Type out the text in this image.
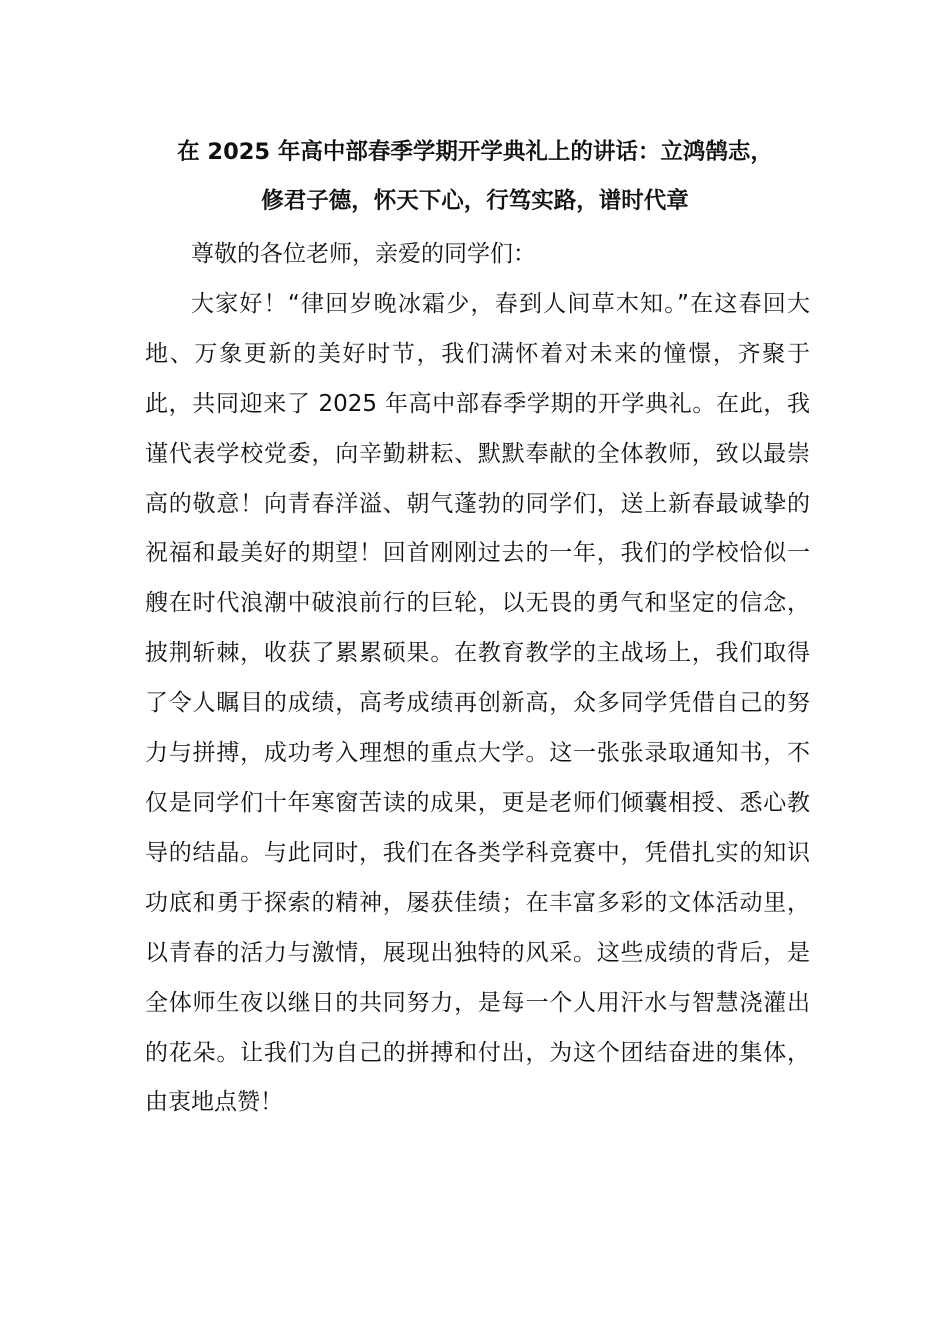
在 2025 年高中部春季学期开学典礼上的讲话：立鸿鹄志，
修君子德，怀天下心，行笃实路，谱时代章

尊敬的各位老师，亲爱的同学们：

大家好！“律回岁晚冰霜少，春到人间草木知。”在这春回大地、万象更新的美好时节，我们满怀着对未来的憧憬，齐聚于此，共同迎来了 2025 年高中部春季学期的开学典礼。在此，我谨代表学校党委，向辛勤耕耘、默默奉献的全体教师，致以最崇高的敬意！向青春洋溢、朝气蓬勃的同学们，送上新春最诚挚的祝福和最美好的期望！回首刚刚过去的一年，我们的学校恰似一艘在时代浪潮中破浪前行的巨轮，以无畏的勇气和坚定的信念，披荆斩棘，收获了累累硕果。在教育教学的主战场上，我们取得了令人瞩目的成绩，高考成绩再创新高，众多同学凭借自己的努力与拼搏，成功考入理想的重点大学。这一张张录取通知书，不仅是同学们十年寒窗苦读的成果，更是老师们倾囊相授、悉心教导的结晶。与此同时，我们在各类学科竞赛中，凭借扎实的知识功底和勇于探索的精神，屡获佳绩；在丰富多彩的文体活动里，以青春的活力与激情，展现出独特的风采。这些成绩的背后，是全体师生夜以继日的共同努力，是每一个人用汗水与智慧浇灌出的花朵。让我们为自己的拼搏和付出，为这个团结奋进的集体，由衷地点赞！
